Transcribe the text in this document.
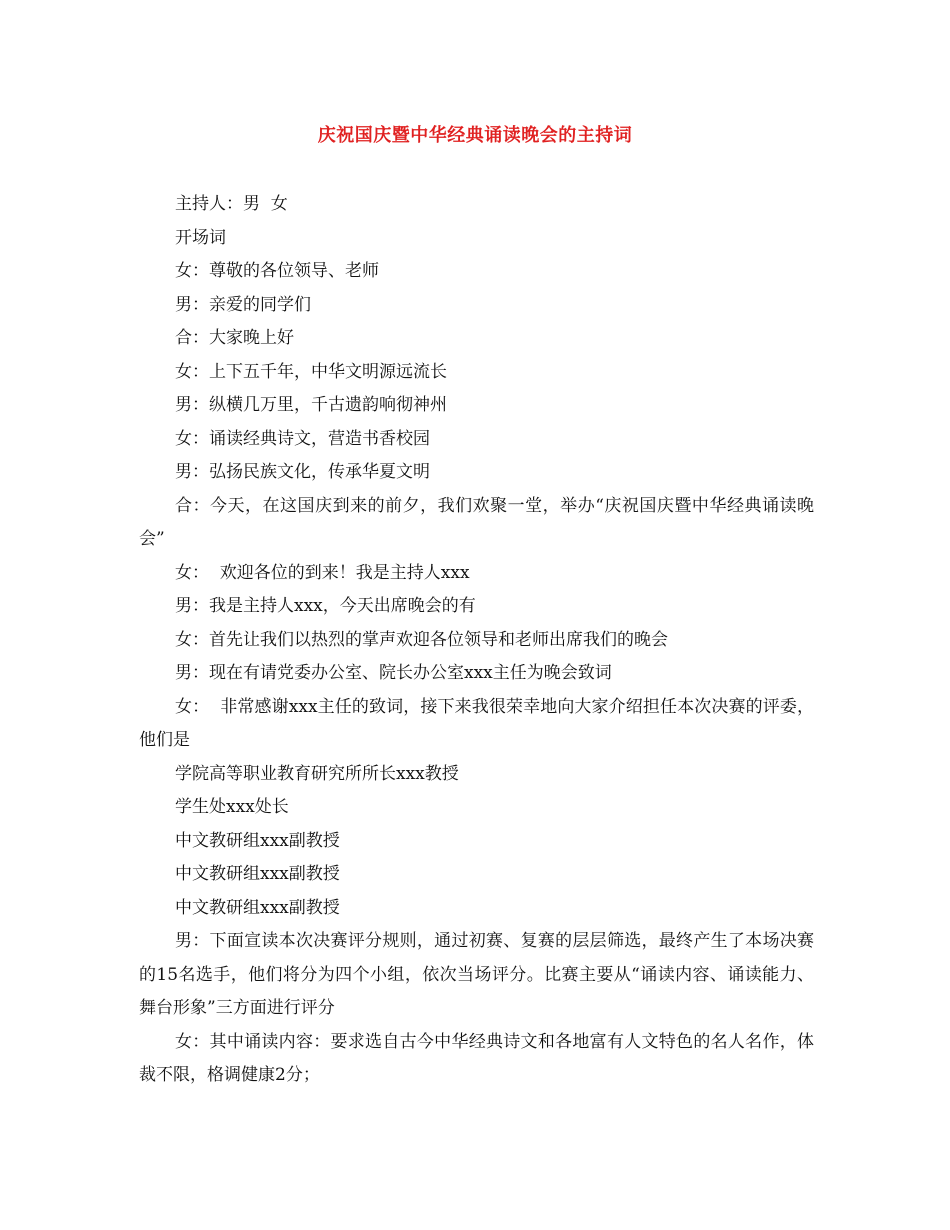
庆祝国庆暨中华经典诵读晚会的主持词

主持人：男  女

开场词

女：尊敬的各位领导、老师

男：亲爱的同学们

合：大家晚上好

女：上下五千年，中华文明源远流长

男：纵横几万里，千古遗韵响彻神州

女：诵读经典诗文，营造书香校园

男：弘扬民族文化，传承华夏文明

合：今天，在这国庆到来的前夕，我们欢聚一堂，举办“庆祝国庆暨中华经典诵读晚会”

女：  欢迎各位的到来！我是主持人xxx

男：我是主持人xxx，今天出席晚会的有

女：首先让我们以热烈的掌声欢迎各位领导和老师出席我们的晚会

男：现在有请党委办公室、院长办公室xxx主任为晚会致词

女：  非常感谢xxx主任的致词，接下来我很荣幸地向大家介绍担任本次决赛的评委，他们是

学院高等职业教育研究所所长xxx教授

学生处xxx处长

中文教研组xxx副教授

中文教研组xxx副教授

中文教研组xxx副教授

男：下面宣读本次决赛评分规则，通过初赛、复赛的层层筛选，最终产生了本场决赛的15名选手，他们将分为四个小组，依次当场评分。比赛主要从“诵读内容、诵读能力、舞台形象”三方面进行评分

女：其中诵读内容：要求选自古今中华经典诗文和各地富有人文特色的名人名作，体裁不限，格调健康2分；
